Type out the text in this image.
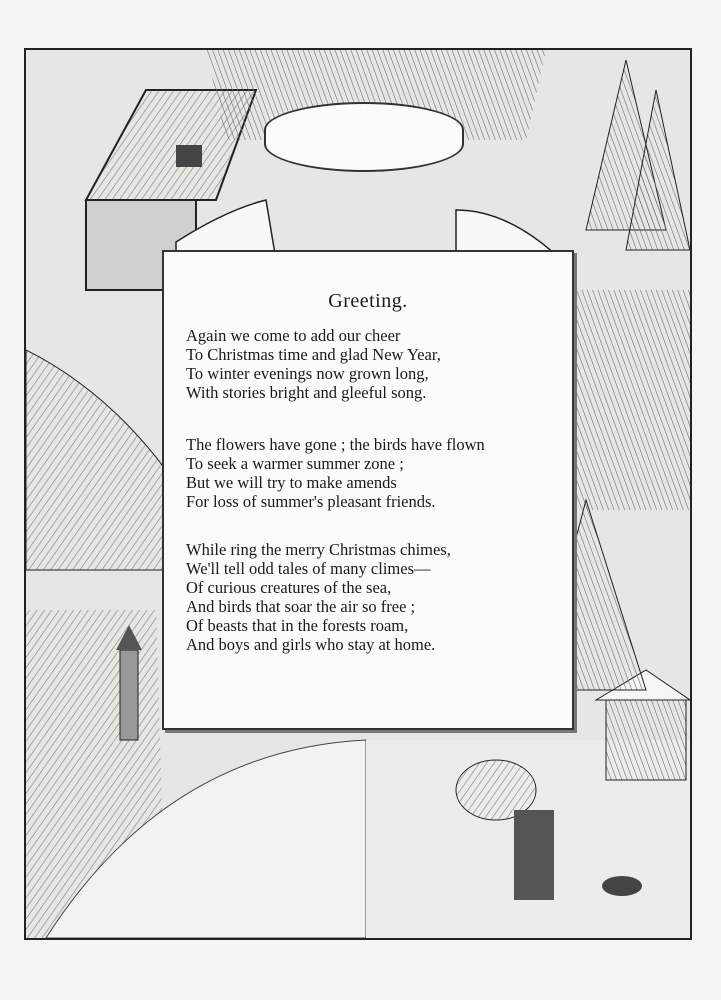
Greeting.
Again we come to add our cheer
To Christmas time and glad New Year,
To winter evenings now grown long,
With stories bright and gleeful song.
The flowers have gone ; the birds have flown
To seek a warmer summer zone ;
But we will try to make amends
For loss of summer's pleasant friends.
While ring the merry Christmas chimes,
We'll tell odd tales of many climes—
Of curious creatures of the sea,
And birds that soar the air so free ;
Of beasts that in the forests roam,
And boys and girls who stay at home.
